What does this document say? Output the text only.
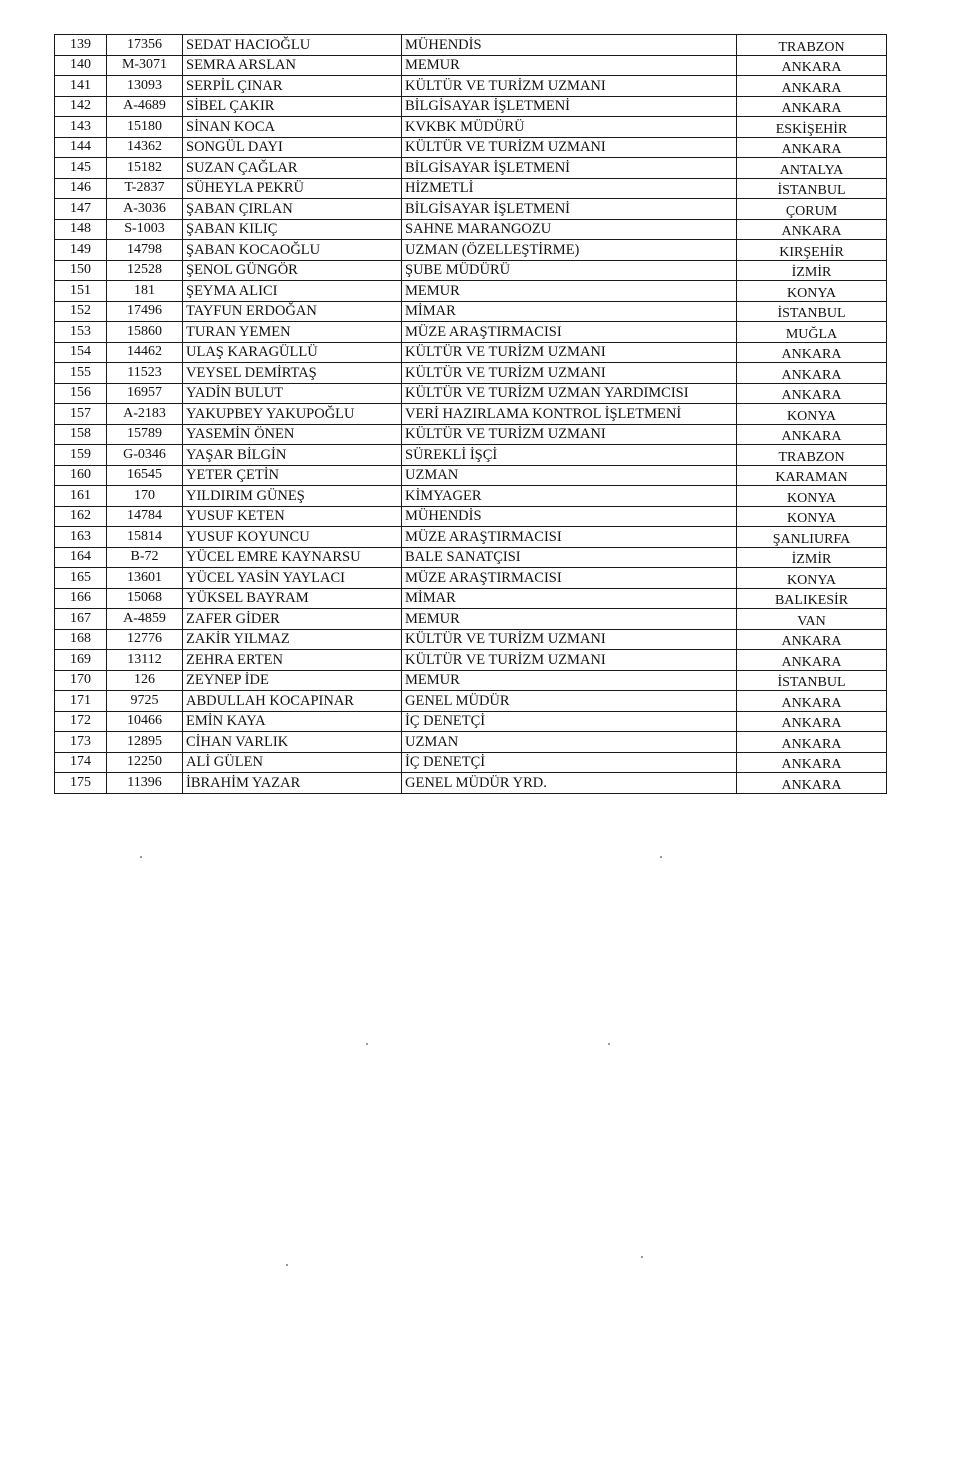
139	17356	SEDAT HACIOĞLU	MÜHENDİS	TRABZON
140	M-3071	SEMRA ARSLAN	MEMUR	ANKARA
141	13093	SERPİL ÇINAR	KÜLTÜR VE TURİZM UZMANI	ANKARA
142	A-4689	SİBEL ÇAKIR	BİLGİSAYAR İŞLETMENİ	ANKARA
143	15180	SİNAN KOCA	KVKBK MÜDÜRÜ	ESKİŞEHİR
144	14362	SONGÜL DAYI	KÜLTÜR VE TURİZM UZMANI	ANKARA
145	15182	SUZAN ÇAĞLAR	BİLGİSAYAR İŞLETMENİ	ANTALYA
146	T-2837	SÜHEYLA PEKRÜ	HİZMETLİ	İSTANBUL
147	A-3036	ŞABAN ÇIRLAN	BİLGİSAYAR İŞLETMENİ	ÇORUM
148	S-1003	ŞABAN KILIÇ	SAHNE MARANGOZU	ANKARA
149	14798	ŞABAN KOCAOĞLU	UZMAN (ÖZELLEŞTİRME)	KIRŞEHİR
150	12528	ŞENOL GÜNGÖR	ŞUBE MÜDÜRÜ	İZMİR
151	181	ŞEYMA ALICI	MEMUR	KONYA
152	17496	TAYFUN ERDOĞAN	MİMAR	İSTANBUL
153	15860	TURAN YEMEN	MÜZE ARAŞTIRMACISI	MUĞLA
154	14462	ULAŞ KARAGÜLLÜ	KÜLTÜR VE TURİZM UZMANI	ANKARA
155	11523	VEYSEL DEMİRTAŞ	KÜLTÜR VE TURİZM UZMANI	ANKARA
156	16957	YADİN BULUT	KÜLTÜR VE TURİZM UZMAN YARDIMCISI	ANKARA
157	A-2183	YAKUPBEY YAKUPOĞLU	VERİ HAZIRLAMA KONTROL İŞLETMENİ	KONYA
158	15789	YASEMİN ÖNEN	KÜLTÜR VE TURİZM UZMANI	ANKARA
159	G-0346	YAŞAR BİLGİN	SÜREKLİ İŞÇİ	TRABZON
160	16545	YETER ÇETİN	UZMAN	KARAMAN
161	170	YILDIRIM GÜNEŞ	KİMYAGER	KONYA
162	14784	YUSUF KETEN	MÜHENDİS	KONYA
163	15814	YUSUF KOYUNCU	MÜZE ARAŞTIRMACISI	ŞANLIURFA
164	B-72	YÜCEL EMRE KAYNARSU	BALE SANATÇISI	İZMİR
165	13601	YÜCEL YASİN YAYLACI	MÜZE ARAŞTIRMACISI	KONYA
166	15068	YÜKSEL BAYRAM	MİMAR	BALIKESİR
167	A-4859	ZAFER GİDER	MEMUR	VAN
168	12776	ZAKİR YILMAZ	KÜLTÜR VE TURİZM UZMANI	ANKARA
169	13112	ZEHRA ERTEN	KÜLTÜR VE TURİZM UZMANI	ANKARA
170	126	ZEYNEP İDE	MEMUR	İSTANBUL
171	9725	ABDULLAH KOCAPINAR	GENEL MÜDÜR	ANKARA
172	10466	EMİN KAYA	İÇ DENETÇİ	ANKARA
173	12895	CİHAN VARLIK	UZMAN	ANKARA
174	12250	ALİ GÜLEN	İÇ DENETÇİ	ANKARA
175	11396	İBRAHİM YAZAR	GENEL MÜDÜR YRD.	ANKARA
